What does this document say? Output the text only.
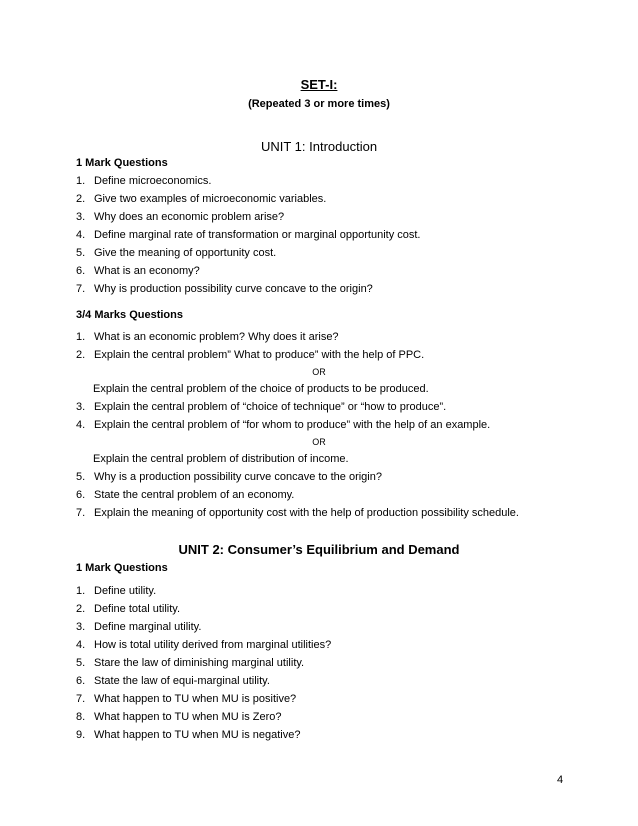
SET-I:
(Repeated 3 or more times)
UNIT 1: Introduction
1 Mark Questions
1. Define microeconomics.
2. Give two examples of microeconomic variables.
3. Why does an economic problem arise?
4. Define marginal rate of transformation or marginal opportunity cost.
5. Give the meaning of opportunity cost.
6. What is an economy?
7. Why is production possibility curve concave to the origin?
3/4 Marks Questions
1. What is an economic problem? Why does it arise?
2. Explain the central problem” What to produce” with the help of PPC.
OR
Explain the central problem of the choice of products to be produced.
3. Explain the central problem of “choice of technique” or “how to produce”.
4. Explain the central problem of “for whom to produce” with the help of an example.
OR
Explain the central problem of distribution of income.
5. Why is a production possibility curve concave to the origin?
6. State the central problem of an economy.
7. Explain the meaning of opportunity cost with the help of production possibility schedule.
UNIT 2: Consumer’s Equilibrium and Demand
1 Mark Questions
1. Define utility.
2. Define total utility.
3. Define marginal utility.
4. How is total utility derived from marginal utilities?
5. Stare the law of diminishing marginal utility.
6. State the law of equi-marginal utility.
7. What happen to TU when MU is positive?
8. What happen to TU when MU is Zero?
9. What happen to TU when MU is negative?
4
